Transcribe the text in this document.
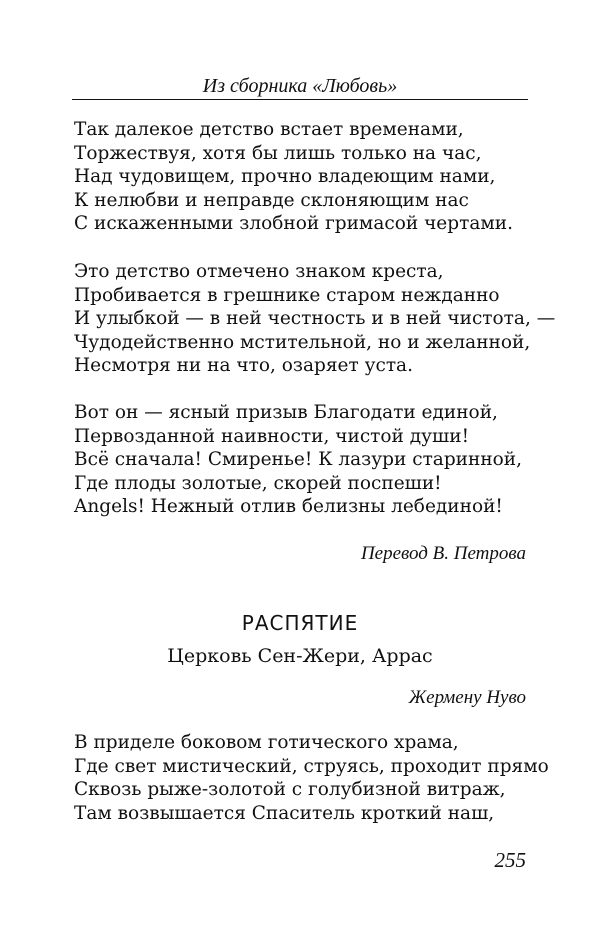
Из сборника «Любовь»
Так далекое детство встает временами,
Торжествуя, хотя бы лишь только на час,
Над чудовищем, прочно владеющим нами,
К нелюбви и неправде склоняющим нас
С искаженными злобной гримасой чертами.
Это детство отмечено знаком креста,
Пробивается в грешнике старом нежданно
И улыбкой — в ней честность и в ней чистота, —
Чудодейственно мстительной, но и желанной,
Несмотря ни на что, озаряет уста.
Вот он — ясный призыв Благодати единой,
Первозданной наивности, чистой души!
Всё сначала! Смиренье! К лазури старинной,
Где плоды золотые, скорей поспеши!
Angels! Нежный отлив белизны лебединой!
Перевод В. Петрова
РАСПЯТИЕ
Церковь Сен-Жери, Аррас
Жермену Нуво
В приделе боковом готического храма,
Где свет мистический, струясь, проходит прямо
Сквозь рыже-золотой с голубизной витраж,
Там возвышается Спаситель кроткий наш,
255
